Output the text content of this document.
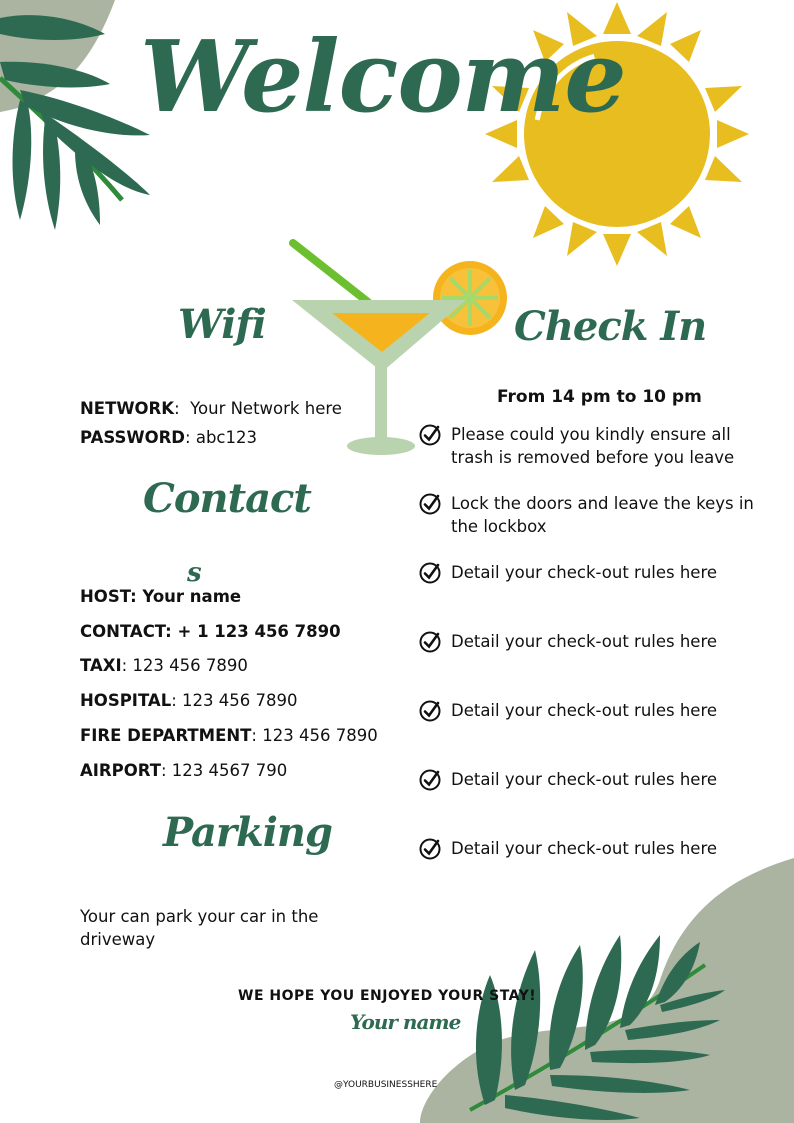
Welcome
Wifi
NETWORK:  Your Network here
PASSWORD: abc123
Contact
s
HOST: Your name
CONTACT: + 1 123 456 7890
TAXI: 123 456 7890
HOSPITAL: 123 456 7890
FIRE DEPARTMENT: 123 456 7890
AIRPORT: 123 4567 790
Parking
Your can park your car in the driveway
Check In
From 14 pm to 10 pm
Please could you kindly ensure all trash is removed before you leave
Lock the doors and leave the keys in the lockbox
Detail your check-out rules here
Detail your check-out rules here
Detail your check-out rules here
Detail your check-out rules here
Detail your check-out rules here
WE HOPE YOU ENJOYED YOUR STAY!
Your name
@YOURBUSINESSHERE
